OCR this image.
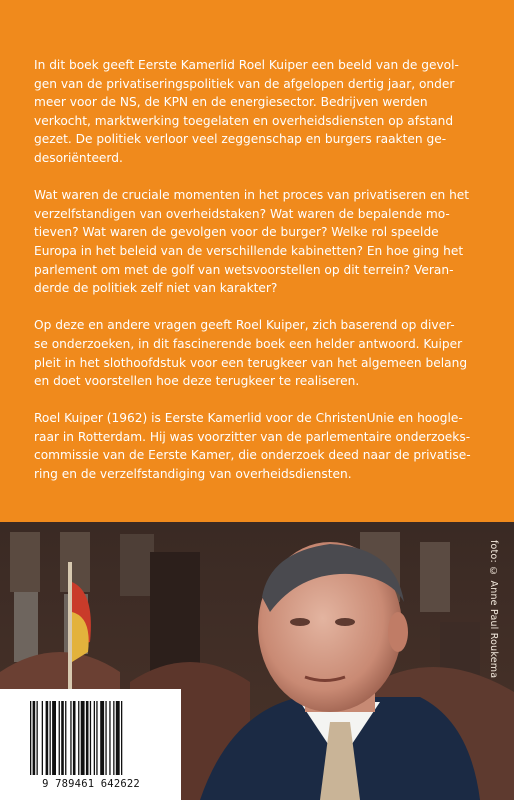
In dit boek geeft Eerste Kamerlid Roel Kuiper een beeld van de gevol-
gen van de privatiseringspolitiek van de afgelopen dertig jaar, onder
meer voor de NS, de KPN en de energiesector. Bedrijven werden
verkocht, marktwerking toegelaten en overheidsdiensten op afstand
gezet. De politiek verloor veel zeggenschap en burgers raakten ge-
desoriënteerd.

Wat waren de cruciale momenten in het proces van privatiseren en het
verzelfstandigen van overheidstaken? Wat waren de bepalende mo-
tieven? Wat waren de gevolgen voor de burger? Welke rol speelde
Europa in het beleid van de verschillende kabinetten? En hoe ging het
parlement om met de golf van wetsvoorstellen op dit terrein? Veran-
derde de politiek zelf niet van karakter?

Op deze en andere vragen geeft Roel Kuiper, zich baserend op diver-
se onderzoeken, in dit fascinerende boek een helder antwoord. Kuiper
pleit in het slothoofdstuk voor een terugkeer van het algemeen belang
en doet voorstellen hoe deze terugkeer te realiseren.

Roel Kuiper (1962) is Eerste Kamerlid voor de ChristenUnie en hoogle-
raar in Rotterdam. Hij was voorzitter van de parlementaire onderzoeks-
commissie van de Eerste Kamer, die onderzoek deed naar de privatise-
ring en de verzelfstandiging van overheidsdiensten.

foto: © Anne Paul Roukema
9 789461 642622
